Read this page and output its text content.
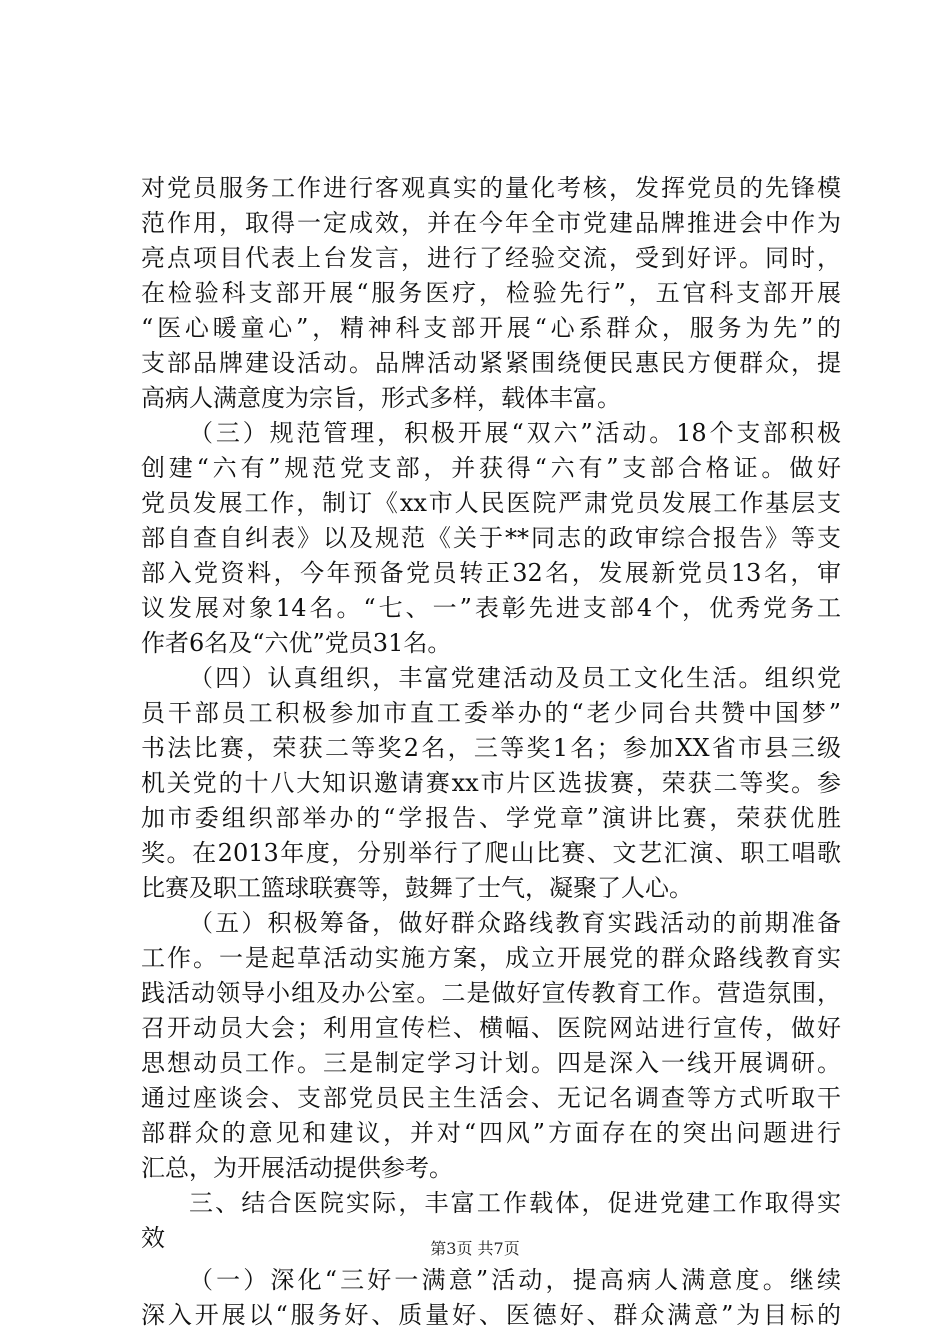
对党员服务工作进行客观真实的量化考核，发挥党员的先锋模
范作用，取得一定成效，并在今年全市党建品牌推进会中作为
亮点项目代表上台发言，进行了经验交流，受到好评。同时，
在检验科支部开展“服务医疗，检验先行”，五官科支部开展
“医心暖童心”，精神科支部开展“心系群众，服务为先”的
支部品牌建设活动。品牌活动紧紧围绕便民惠民方便群众，提
高病人满意度为宗旨，形式多样，载体丰富。
（三）规范管理，积极开展“双六”活动。18个支部积极
创建“六有”规范党支部，并获得“六有”支部合格证。做好
党员发展工作，制订《xx市人民医院严肃党员发展工作基层支
部自查自纠表》以及规范《关于**同志的政审综合报告》等支
部入党资料，今年预备党员转正32名，发展新党员13名，审
议发展对象14名。“七、一”表彰先进支部4个，优秀党务工
作者6名及“六优”党员31名。
（四）认真组织，丰富党建活动及员工文化生活。组织党
员干部员工积极参加市直工委举办的“老少同台共赞中国梦”
书法比赛，荣获二等奖2名，三等奖1名；参加XX省市县三级
机关党的十八大知识邀请赛xx市片区选拔赛，荣获二等奖。参
加市委组织部举办的“学报告、学党章”演讲比赛，荣获优胜
奖。在2013年度，分别举行了爬山比赛、文艺汇演、职工唱歌
比赛及职工篮球联赛等，鼓舞了士气，凝聚了人心。
（五）积极筹备，做好群众路线教育实践活动的前期准备
工作。一是起草活动实施方案，成立开展党的群众路线教育实
践活动领导小组及办公室。二是做好宣传教育工作。营造氛围，
召开动员大会；利用宣传栏、横幅、医院网站进行宣传，做好
思想动员工作。三是制定学习计划。四是深入一线开展调研。
通过座谈会、支部党员民主生活会、无记名调查等方式听取干
部群众的意见和建议，并对“四风”方面存在的突出问题进行
汇总，为开展活动提供参考。
三、结合医院实际，丰富工作载体，促进党建工作取得实
效
（一）深化“三好一满意”活动，提高病人满意度。继续
深入开展以“服务好、质量好、医德好、群众满意”为目标的
第3页 共7页
